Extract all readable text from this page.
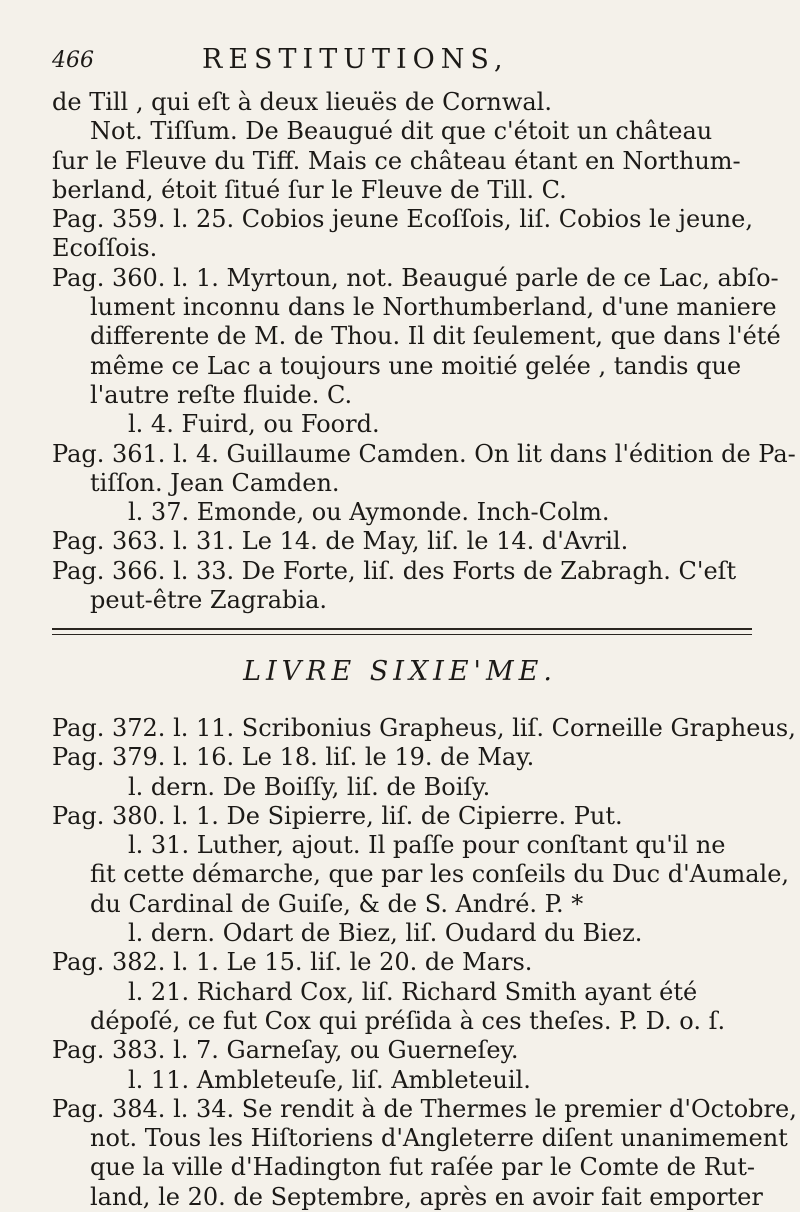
466	RESTITUTIONS,
de Till , qui eſt à deux lieuës de Cornwal.
Not. Tiſſum. De Beaugué dit que c'étoit un château
ſur le Fleuve du Tiff. Mais ce château étant en Northum-
berland, étoit ſitué ſur le Fleuve de Till. C.
Pag. 359. l. 25. Cobios jeune Ecoſſois, liſ. Cobios le jeune,
Ecoſſois.
Pag. 360. l. 1. Myrtoun, not. Beaugué parle de ce Lac, abſo-
lument inconnu dans le Northumberland, d'une maniere
differente de M. de Thou. Il dit ſeulement, que dans l'été
même ce Lac a toujours une moitié gelée , tandis que
l'autre reſte fluide. C.
l. 4. Fuird, ou Foord.
Pag. 361. l. 4. Guillaume Camden. On lit dans l'édition de Pa-
tiſſon. Jean Camden.
l. 37. Emonde, ou Aymonde. Inch-Colm.
Pag. 363. l. 31. Le 14. de May, liſ. le 14. d'Avril.
Pag. 366. l. 33. De Forte, liſ. des Forts de Zabragh. C'eſt
peut-être Zagrabia.
LIVRE SIXIE'ME.
Pag. 372. l. 11. Scribonius Grapheus, liſ. Corneille Grapheus,
Pag. 379. l. 16. Le 18. liſ. le 19. de May.
l. dern. De Boiſſy, liſ. de Boiſy.
Pag. 380. l. 1. De Sipierre, liſ. de Cipierre. Put.
l. 31. Luther, ajout. Il paſſe pour conſtant qu'il ne
fit cette démarche, que par les conſeils du Duc d'Aumale,
du Cardinal de Guiſe, & de S. André. P. *
l. dern. Odart de Biez, liſ. Oudard du Biez.
Pag. 382. l. 1. Le 15. liſ. le 20. de Mars.
l. 21. Richard Cox, liſ. Richard Smith ayant été
dépoſé, ce fut Cox qui préſida à ces theſes. P. D. o. ſ.
Pag. 383. l. 7. Garneſay, ou Guerneſey.
l. 11. Ambleteuſe, liſ. Ambleteuil.
Pag. 384. l. 34. Se rendit à de Thermes le premier d'Octobre,
not. Tous les Hiſtoriens d'Angleterre diſent unanimement
que la ville d'Hadington fut raſée par le Comte de Rut-
land, le 20. de Septembre, après en avoir fait emporter
